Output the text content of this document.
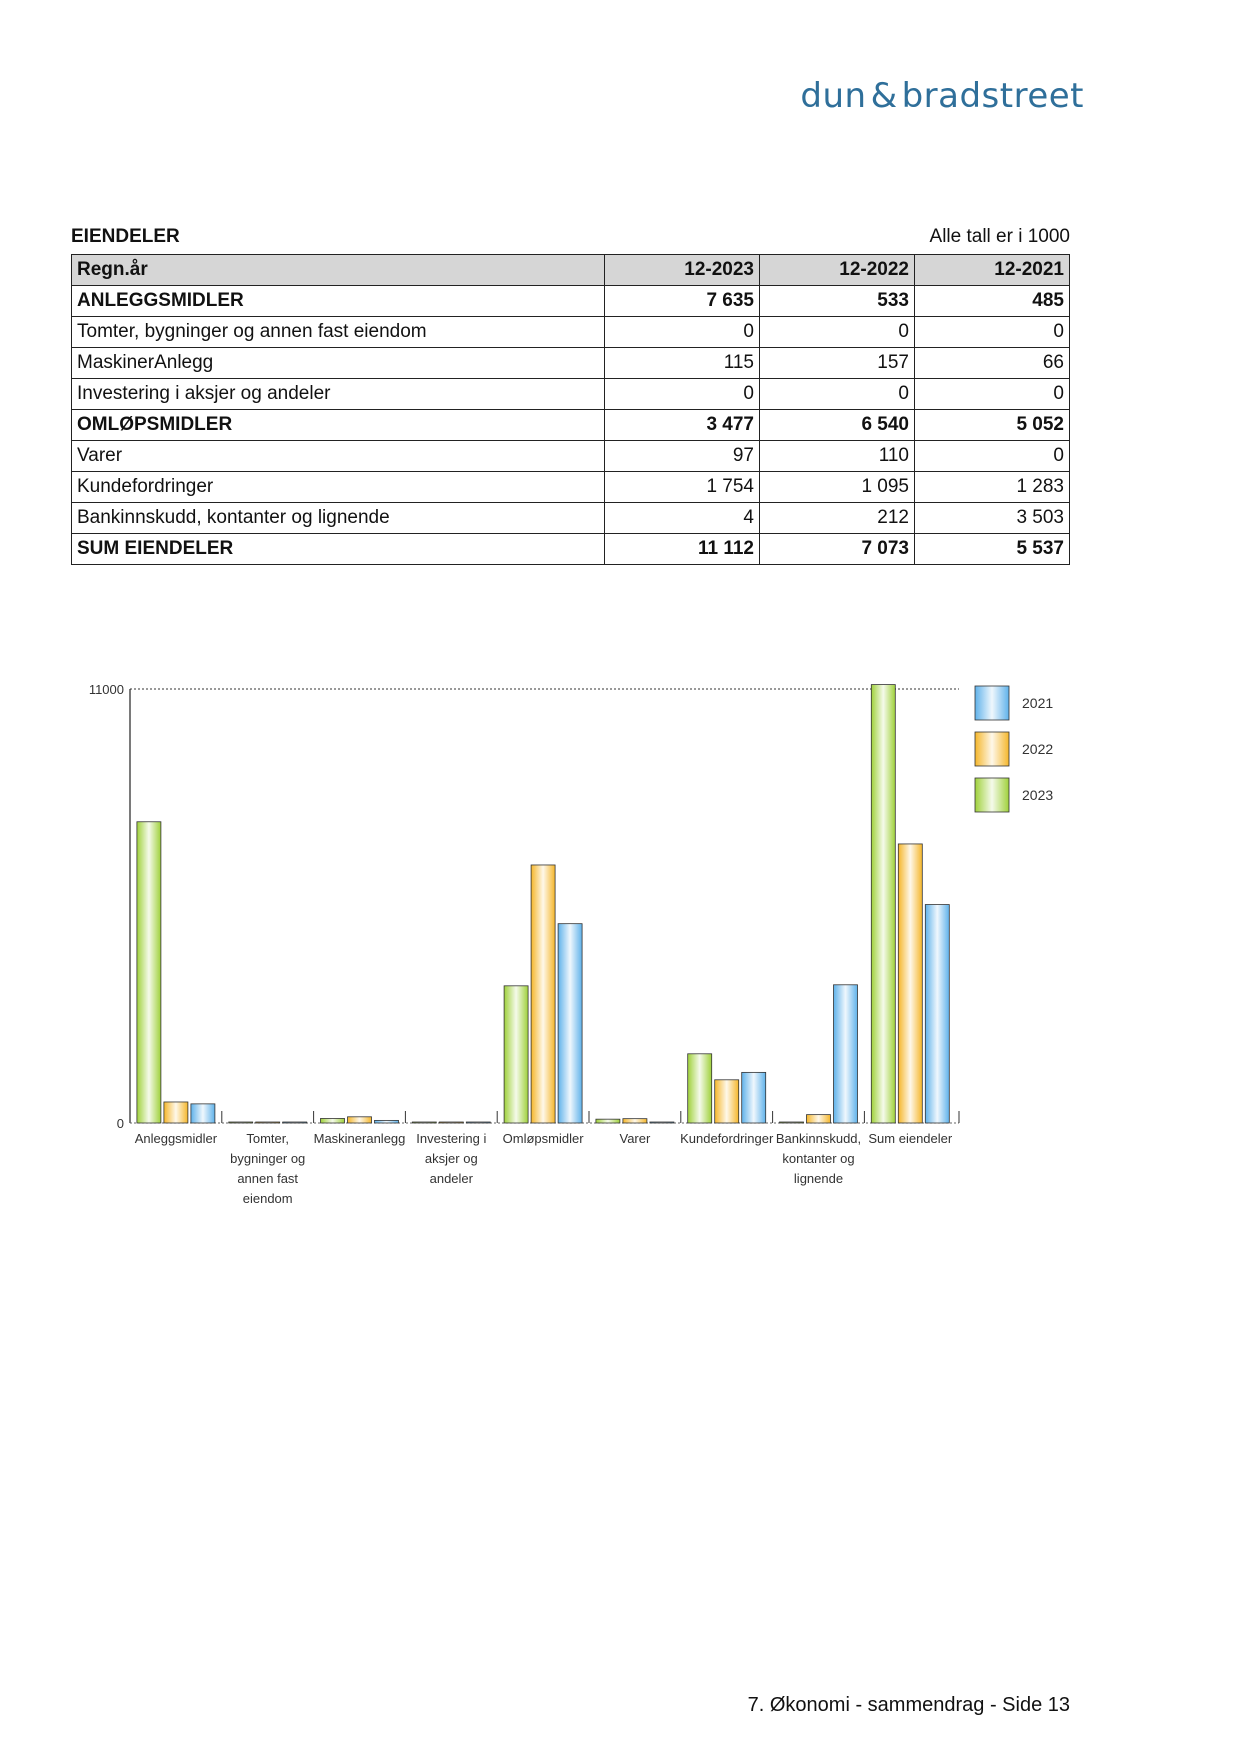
dun & bradstreet
EIENDELER	Alle tall er i 1000
Regn.år	12-2023	12-2022	12-2021
ANLEGGSMIDLER	7 635	533	485
Tomter, bygninger og annen fast eiendom	0	0	0
MaskinerAnlegg	115	157	66
Investering i aksjer og andeler	0	0	0
OMLØPSMIDLER	3 477	6 540	5 052
Varer	97	110	0
Kundefordringer	1 754	1 095	1 283
Bankinnskudd, kontanter og lignende	4	212	3 503
SUM EIENDELER	11 112	7 073	5 537
0
11000
Anleggsmidler Tomter,
bygninger og
annen fast
eiendom
Maskineranlegg Investering i
aksjer og
andeler
Omløpsmidler	Varer Kundefordringer Bankinnskudd,
kontanter og
lignende
Sum eiendeler
2021
2022
2023
7. Økonomi - sammendrag - Side 13
